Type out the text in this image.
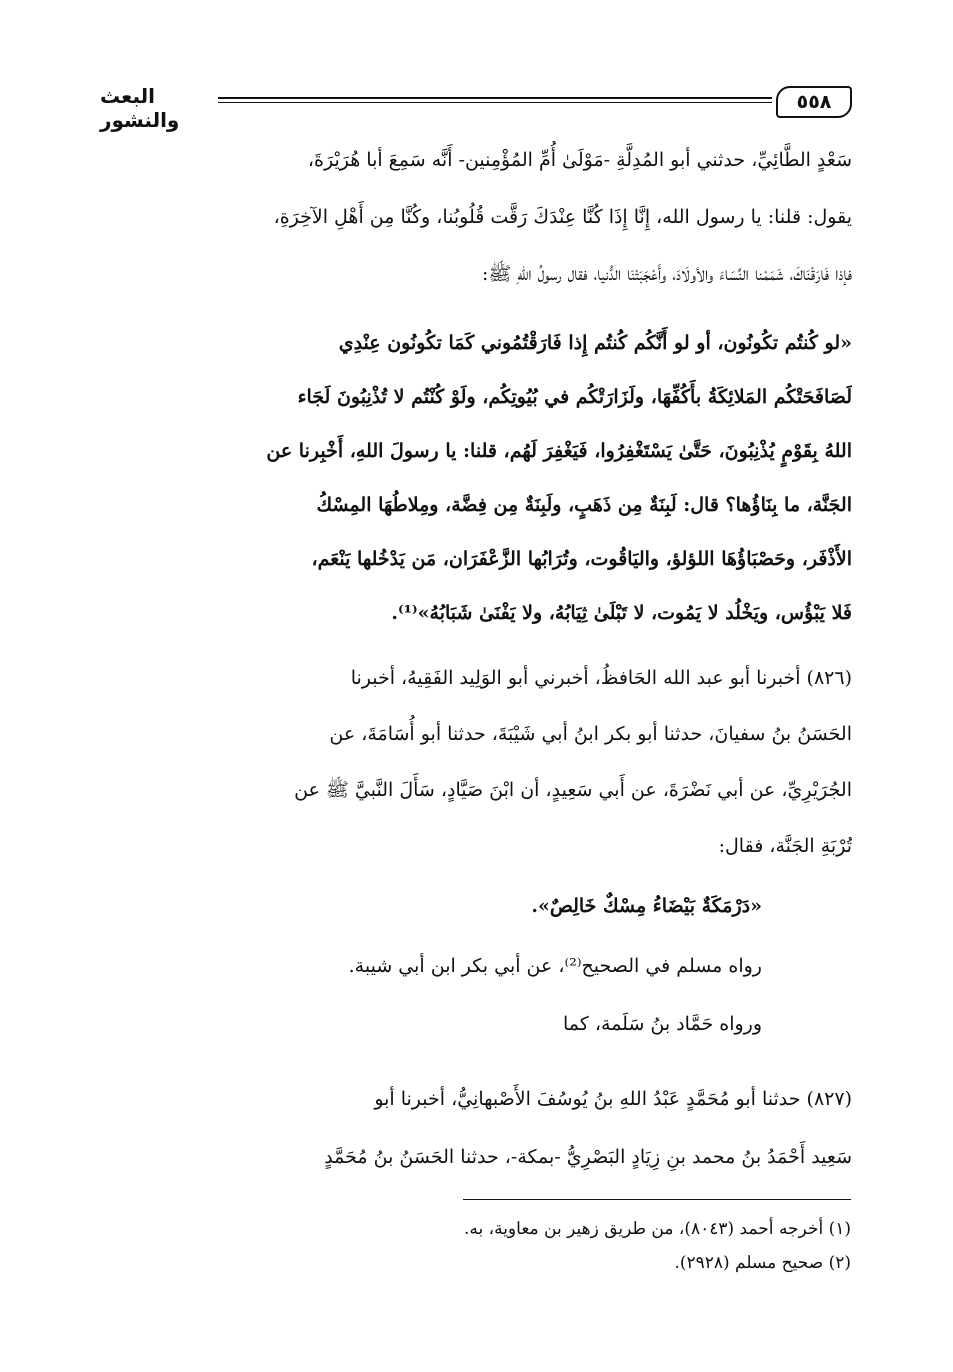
البعث والنشور
٥٥٨
سَعْدٍ الطَّائِيِّ، حدثني أبو المُدِلَّةِ -مَوْلَىٰ أُمِّ المُؤْمِنين- أَنَّه سَمِعَ أبا هُرَيْرَةَ،
يقول: قلنا: يا رسول الله، إِنَّا إِذَا كُنَّا عِنْدَكَ رَقَّت قُلُوبُنا، وكُنَّا مِن أَهْلِ الآخِرَةِ،
فإذا فَارَقْنَاكَ، شَمَمْنا النِّسَاءَ والأولَادَ، وأَعْجَبَتْنَا الدُّنيا، فقال رسولُ اللهِ ﷺ:
«لو كُنتُم تكُونُون، أو لو أَنَّكُم كُنتُم إِذا فَارَقْتُمُوني كَمَا تكُونُون عِنْدِي
لَصَافَحَتْكُم المَلائِكَةُ بأَكُفِّهَا، ولَزَارَتْكُم في بُيُوتِكُم، ولَوْ كُنْتُم لا تُذْنِبُونَ لَجَاء
اللهُ بِقَوْمٍ يُذْنِبُونَ، حَتَّىٰ يَسْتَغْفِرُوا، فَيَغْفِرَ لَهُم، قلنا: يا رسولَ اللهِ، أَخْبِرنا عن
الجَنَّة، ما بِنَاؤُها؟ قال: لَبِنَةٌ مِن ذَهَبٍ، ولَبِنَةٌ مِن فِضَّة، ومِلاطُهَا المِسْكُ
الأَذْفَر، وحَصْبَاؤُهَا اللؤلؤ، واليَاقُوت، وتُرَابُها الزَّعْفَرَان، مَن يَدْخُلها يَنْعَم،
فَلا يَبْؤُس، ويَخْلُد لا يَمُوت، لا تَبْلَىٰ ثِيَابُهُ، ولا يَفْنَىٰ شَبَابُهُ»⁽¹⁾.
(٨٢٦) أخبرنا أبو عبد الله الحَافظُ، أخبرني أبو الوَلِيد الفَقِيهُ، أخبرنا
الحَسَنُ بنُ سفيانَ، حدثنا أبو بكر ابنُ أبي شَيْبَةَ، حدثنا أبو أُسَامَةَ، عن
الجُرَيْرِيِّ، عن أبي نَضْرَةَ، عن أَبي سَعِيدٍ، أن ابْنَ صَيَّادٍ، سَأَلَ النَّبيَّ ﷺ عن
تُرْبَةِ الجَنَّة، فقال:
«دَرْمَكَةٌ بَيْضَاءُ مِسْكٌ خَالِصٌ».
رواه مسلم في الصحيح⁽²⁾، عن أبي بكر ابن أبي شيبة.
ورواه حَمَّاد بنُ سَلَمة، كما
(٨٢٧) حدثنا أبو مُحَمَّدٍ عَبْدُ اللهِ بنُ يُوسُفَ الأَصْبهانِيُّ، أخبرنا أبو
سَعِيد أَحْمَدُ بنُ محمد بنِ زِيَادٍ البَصْرِيُّ -بمكة-، حدثنا الحَسَنُ بنُ مُحَمَّدٍ
(١) أخرجه أحمد (٨٠٤٣)، من طريق زهير بن معاوية، به.
(٢) صحيح مسلم (٢٩٢٨).
